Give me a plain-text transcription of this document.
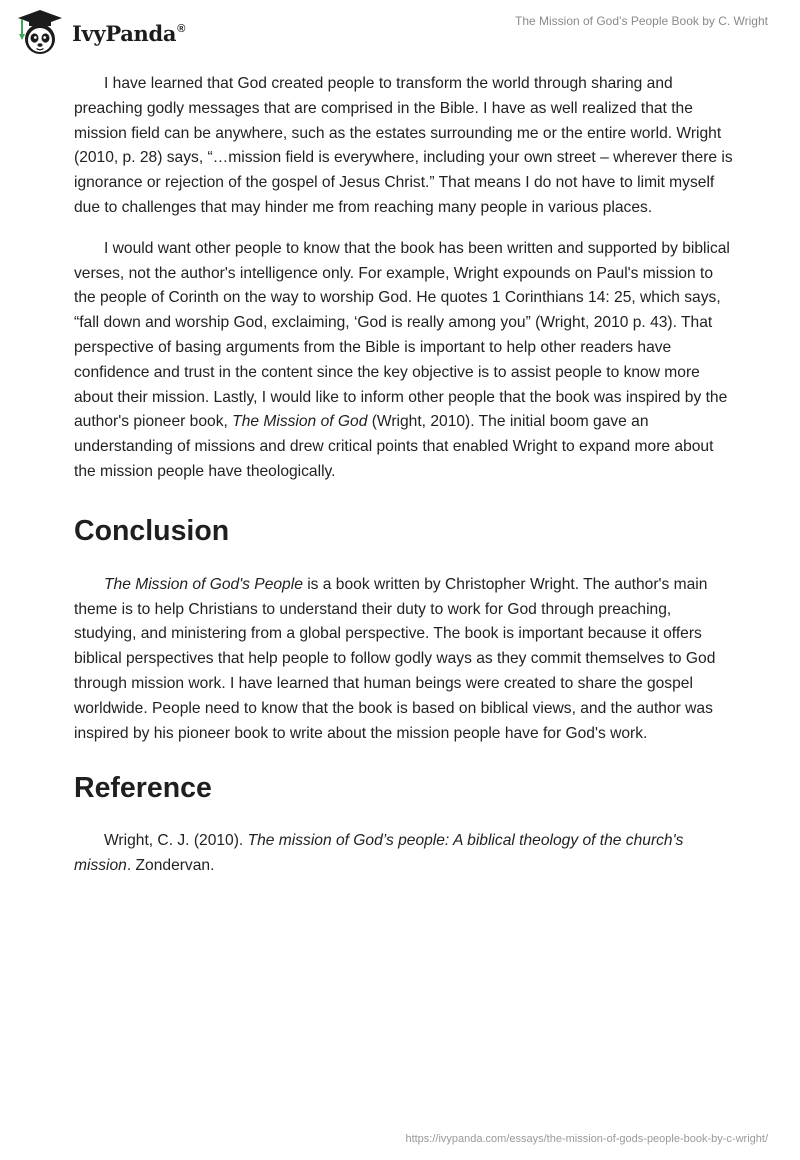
IvyPanda®
The Mission of God’s People Book by C. Wright

I have learned that God created people to transform the world through sharing and preaching godly messages that are comprised in the Bible. I have as well realized that the mission field can be anywhere, such as the estates surrounding me or the entire world. Wright (2010, p. 28) says, “…mission field is everywhere, including your own street – wherever there is ignorance or rejection of the gospel of Jesus Christ.” That means I do not have to limit myself due to challenges that may hinder me from reaching many people in various places.

I would want other people to know that the book has been written and supported by biblical verses, not the author's intelligence only. For example, Wright expounds on Paul's mission to the people of Corinth on the way to worship God. He quotes 1 Corinthians 14: 25, which says, “fall down and worship God, exclaiming, ‘God is really among you” (Wright, 2010 p. 43). That perspective of basing arguments from the Bible is important to help other readers have confidence and trust in the content since the key objective is to assist people to know more about their mission. Lastly, I would like to inform other people that the book was inspired by the author's pioneer book, The Mission of God (Wright, 2010). The initial boom gave an understanding of missions and drew critical points that enabled Wright to expand more about the mission people have theologically.

Conclusion

The Mission of God's People is a book written by Christopher Wright. The author's main theme is to help Christians to understand their duty to work for God through preaching, studying, and ministering from a global perspective. The book is important because it offers biblical perspectives that help people to follow godly ways as they commit themselves to God through mission work. I have learned that human beings were created to share the gospel worldwide. People need to know that the book is based on biblical views, and the author was inspired by his pioneer book to write about the mission people have for God's work.

Reference

Wright, C. J. (2010). The mission of God’s people: A biblical theology of the church's mission. Zondervan.

https://ivypanda.com/essays/the-mission-of-gods-people-book-by-c-wright/
